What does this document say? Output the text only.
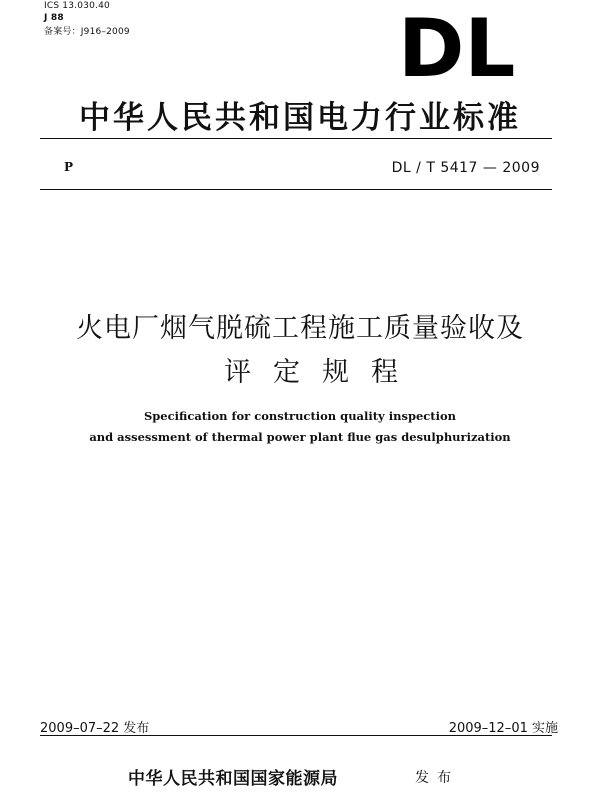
ICS 13.030.40
J 88
备案号：J916–2009	DL
中华人民共和国电力行业标准
P	DL / T 5417 — 2009
火电厂烟气脱硫工程施工质量验收及
评定规程
Specification for construction quality inspection
and assessment of thermal power plant flue gas desulphurization
2009–07–22 发布	2009–12–01 实施
中华人民共和国国家能源局	发布
